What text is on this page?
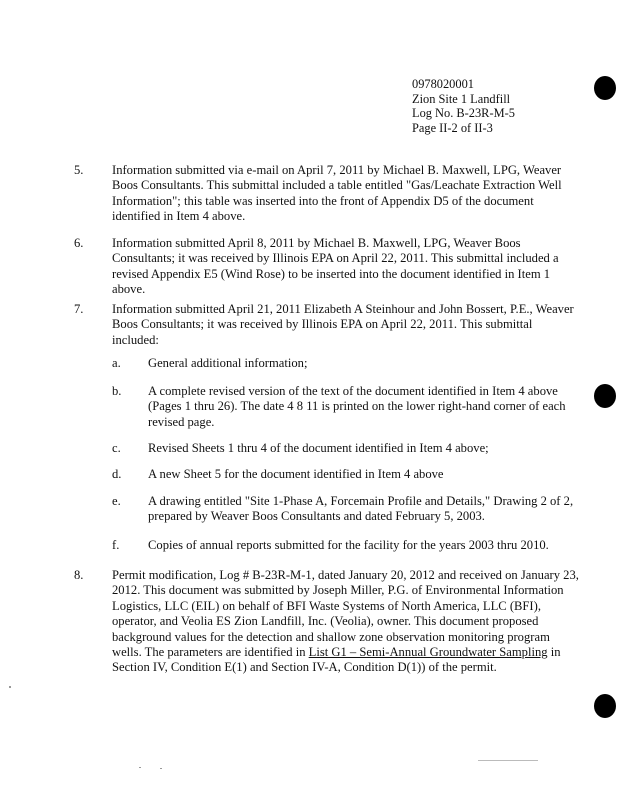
0978020001
Zion Site 1 Landfill
Log No. B-23R-M-5
Page II-2 of II-3
5. Information submitted via e-mail on April 7, 2011 by Michael B. Maxwell, LPG, Weaver Boos Consultants. This submittal included a table entitled "Gas/Leachate Extraction Well Information"; this table was inserted into the front of Appendix D5 of the document identified in Item 4 above.
6. Information submitted April 8, 2011 by Michael B. Maxwell, LPG, Weaver Boos Consultants; it was received by Illinois EPA on April 22, 2011. This submittal included a revised Appendix E5 (Wind Rose) to be inserted into the document identified in Item 1 above.
7. Information submitted April 21, 2011 Elizabeth A Steinhour and John Bossert, P.E., Weaver Boos Consultants; it was received by Illinois EPA on April 22, 2011. This submittal included:
a. General additional information;
b. A complete revised version of the text of the document identified in Item 4 above (Pages 1 thru 26). The date 4 8 11 is printed on the lower right-hand corner of each revised page.
c. Revised Sheets 1 thru 4 of the document identified in Item 4 above;
d. A new Sheet 5 for the document identified in Item 4 above
e. A drawing entitled "Site 1-Phase A, Forcemain Profile and Details," Drawing 2 of 2, prepared by Weaver Boos Consultants and dated February 5, 2003.
f. Copies of annual reports submitted for the facility for the years 2003 thru 2010.
8. Permit modification, Log # B-23R-M-1, dated January 20, 2012 and received on January 23, 2012. This document was submitted by Joseph Miller, P.G. of Environmental Information Logistics, LLC (EIL) on behalf of BFI Waste Systems of North America, LLC (BFI), operator, and Veolia ES Zion Landfill, Inc. (Veolia), owner. This document proposed background values for the detection and shallow zone observation monitoring program wells. The parameters are identified in List G1 – Semi-Annual Groundwater Sampling in Section IV, Condition E(1) and Section IV-A, Condition D(1)) of the permit.
